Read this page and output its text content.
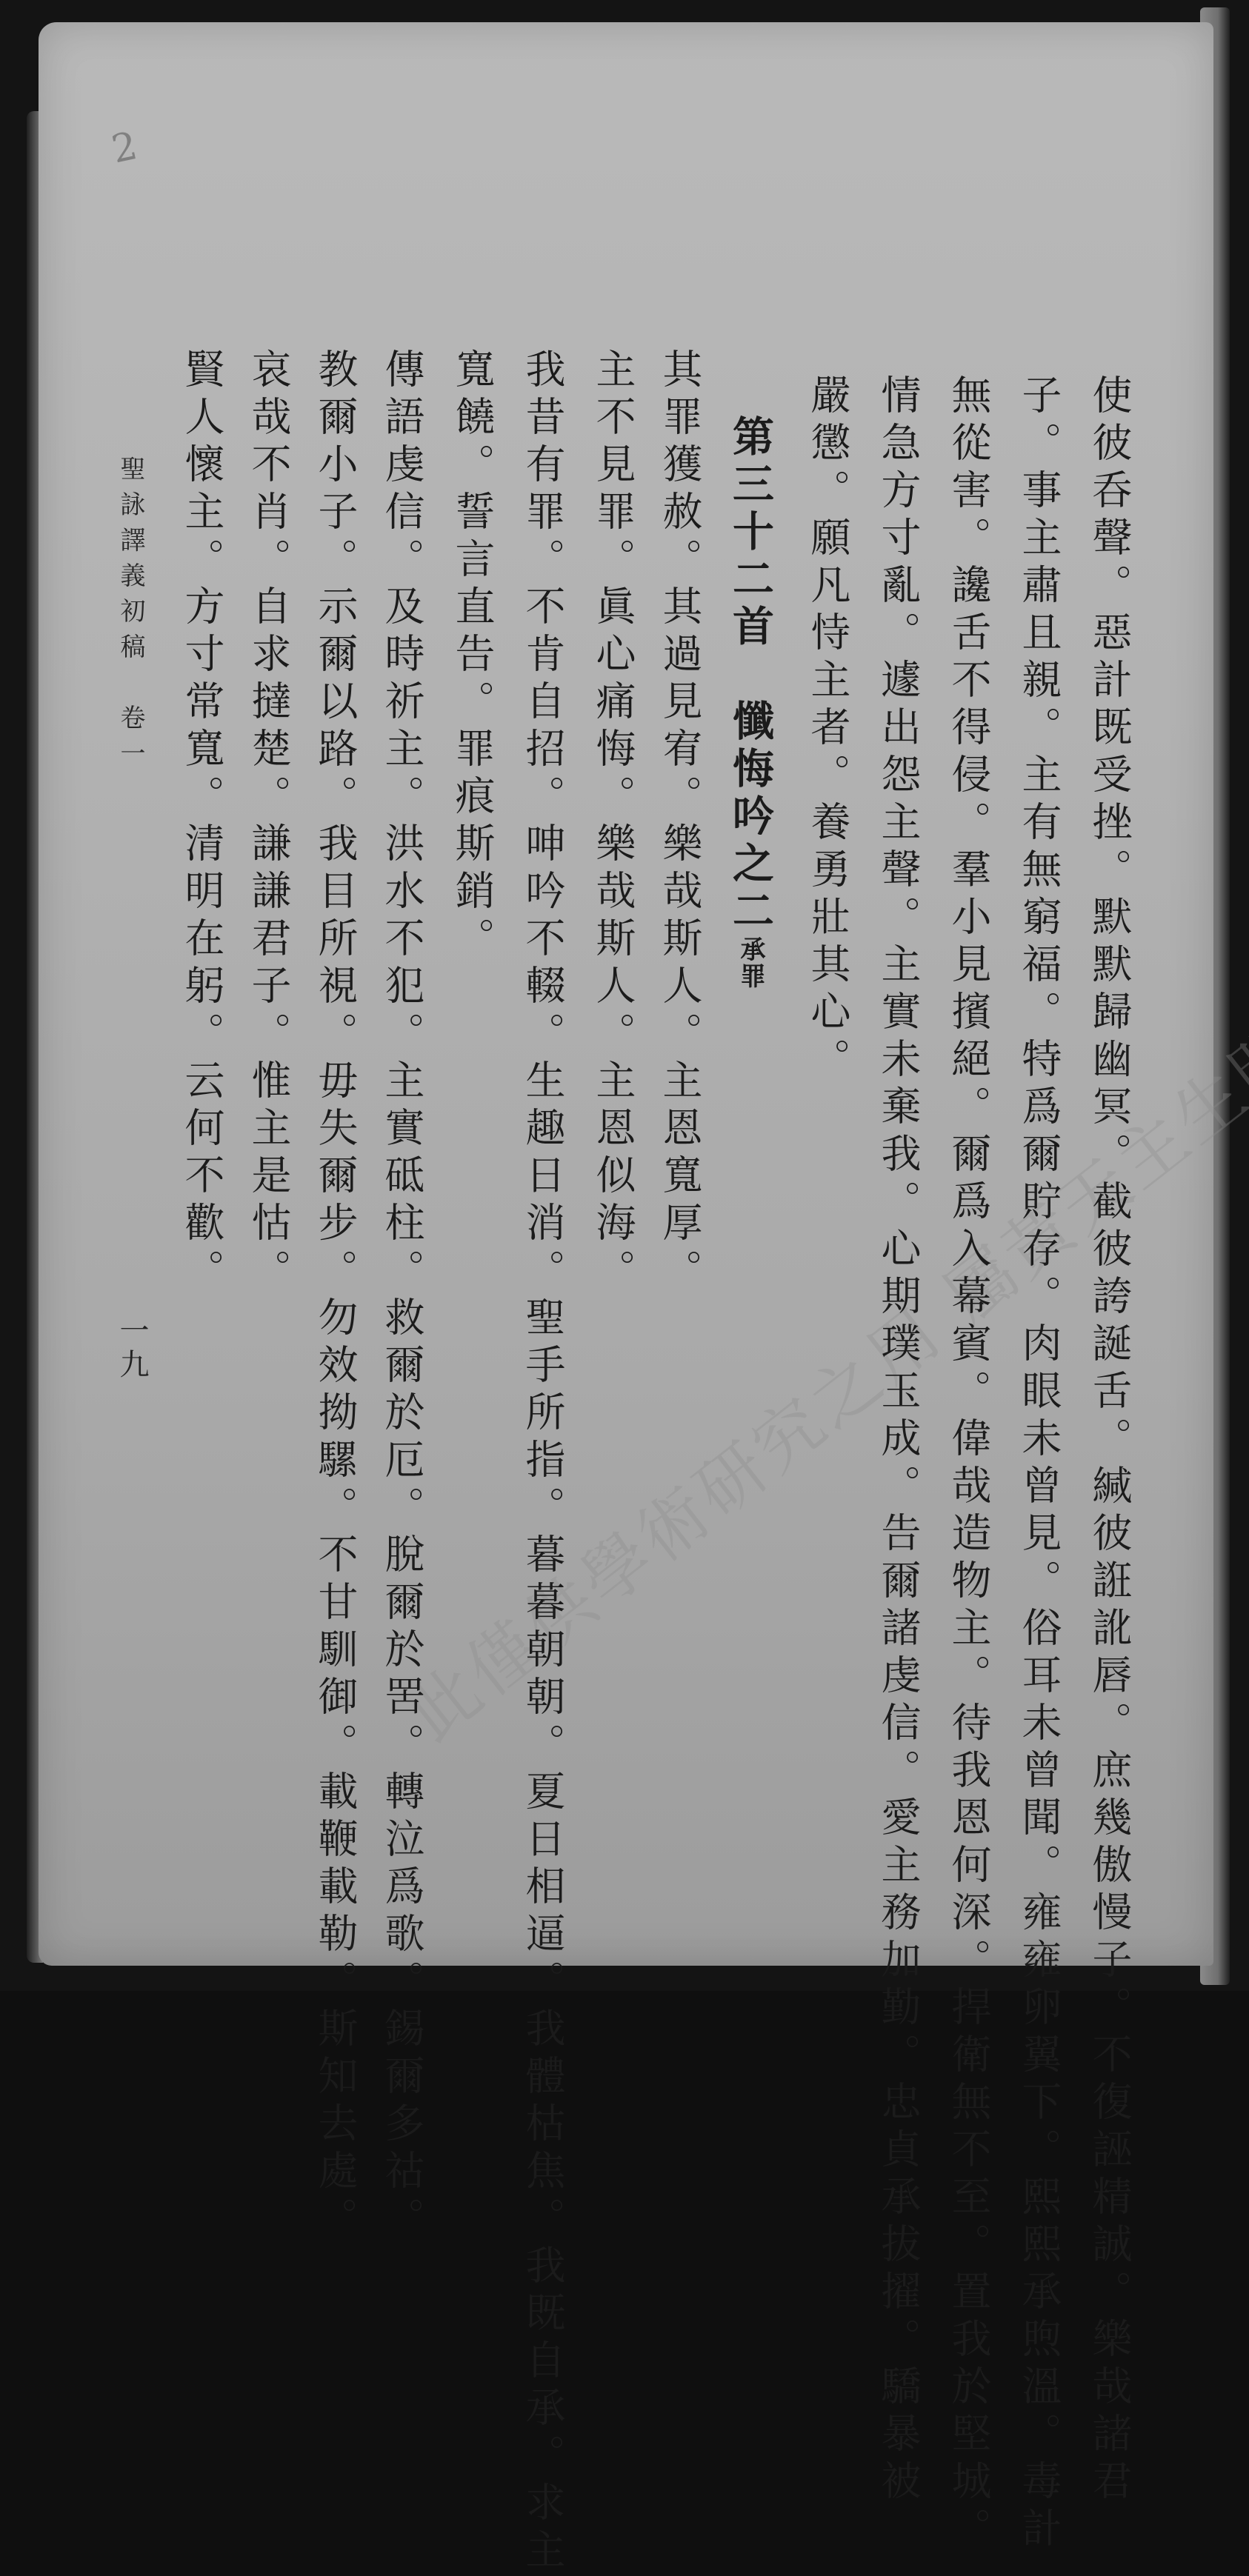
2
此僅供學術研究之用	使彼呑聲。惡計既受挫。默默歸幽冥。截彼誇誕舌。緘彼誑訛唇。庶幾傲慢子。不復誣精誠。樂哉諸君
子。事主肅且親。主有無窮福。特爲爾貯存。肉眼未曾見。俗耳未曾聞。雍雍卵翼下。熙熙承煦溫。毒計
無從害。讒舌不得侵。羣小見擯絕。爾爲入幕賓。偉哉造物主。待我恩何深。捍衛無不至。置我於堅城。
情急方寸亂。遽出怨主聲。主實未棄我。心期璞玉成。告爾諸虔信。愛主務加勤。忠貞承拔擢。驕暴被
嚴懲。願凡恃主者。養勇壯其心。
第三十二首　懺悔吟之二承罪
其罪獲赦。其過見宥。樂哉斯人。主恩寬厚。
主不見罪。眞心痛悔。樂哉斯人。主恩似海。
我昔有罪。不肯自招。呻吟不輟。生趣日消。聖手所指。暮暮朝朝。夏日相逼。我體枯焦。我既自承。求主
寬饒。誓言直告。罪痕斯銷。
傳語虔信。及時祈主。洪水不犯。主實砥柱。救爾於厄。脫爾於罟。轉泣爲歌。錫爾多祜。
教爾小子。示爾以路。我目所視。毋失爾步。勿效拗騾。不甘馴御。載鞭載勒。斯知去處。
哀哉不肖。自求撻楚。謙謙君子。惟主是怙。
賢人懷主。方寸常寬。清明在躬。云何不歡。
聖詠譯義初稿　卷一
一九
